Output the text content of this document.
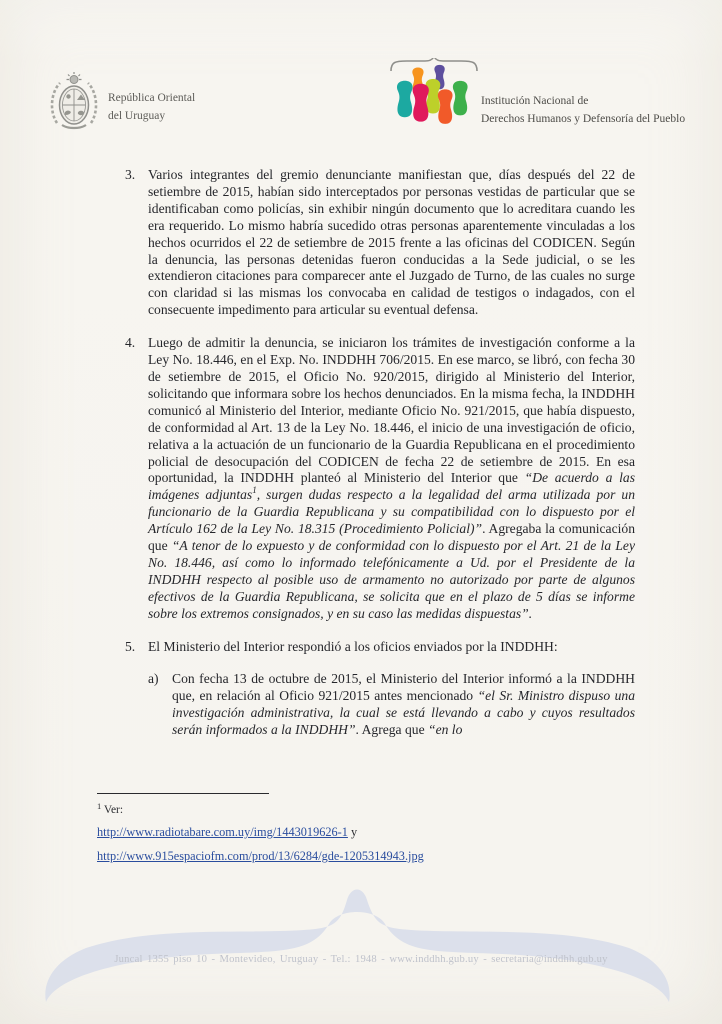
República Oriental
del Uruguay
Institución Nacional de
Derechos Humanos y Defensoría del Pueblo
3. Varios integrantes del gremio denunciante manifiestan que, días después del 22 de setiembre de 2015, habían sido interceptados por personas vestidas de particular que se identificaban como policías, sin exhibir ningún documento que lo acreditara cuando les era requerido. Lo mismo habría sucedido otras personas aparentemente vinculadas a los hechos ocurridos el 22 de setiembre de 2015 frente a las oficinas del CODICEN. Según la denuncia, las personas detenidas fueron conducidas a la Sede judicial, o se les extendieron citaciones para comparecer ante el Juzgado de Turno, de las cuales no surge con claridad si las mismas los convocaba en calidad de testigos o indagados, con el consecuente impedimento para articular su eventual defensa.
4. Luego de admitir la denuncia, se iniciaron los trámites de investigación conforme a la Ley No. 18.446, en el Exp. No. INDDHH 706/2015. En ese marco, se libró, con fecha 30 de setiembre de 2015, el Oficio No. 920/2015, dirigido al Ministerio del Interior, solicitando que informara sobre los hechos denunciados. En la misma fecha, la INDDHH comunicó al Ministerio del Interior, mediante Oficio No. 921/2015, que había dispuesto, de conformidad al Art. 13 de la Ley No. 18.446, el inicio de una investigación de oficio, relativa a la actuación de un funcionario de la Guardia Republicana en el procedimiento policial de desocupación del CODICEN de fecha 22 de setiembre de 2015. En esa oportunidad, la INDDHH planteó al Ministerio del Interior que “De acuerdo a las imágenes adjuntas$^1$, surgen dudas respecto a la legalidad del arma utilizada por un funcionario de la Guardia Republicana y su compatibilidad con lo dispuesto por el Artículo 162 de la Ley No. 18.315 (Procedimiento Policial)”. Agregaba la comunicación que “A tenor de lo expuesto y de conformidad con lo dispuesto por el Art. 21 de la Ley No. 18.446, así como lo informado telefónicamente a Ud. por el Presidente de la INDDHH respecto al posible uso de armamento no autorizado por parte de algunos efectivos de la Guardia Republicana, se solicita que en el plazo de 5 días se informe sobre los extremos consignados, y en su caso las medidas dispuestas”.
5. El Ministerio del Interior respondió a los oficios enviados por la INDDHH:
a) Con fecha 13 de octubre de 2015, el Ministerio del Interior informó a la INDDHH que, en relación al Oficio 921/2015 antes mencionado “el Sr. Ministro dispuso una investigación administrativa, la cual se está llevando a cabo y cuyos resultados serán informados a la INDDHH”. Agrega que “en lo
$^1$ Ver:
http://www.radiotabare.com.uy/img/1443019626-1 y
http://www.915espaciofm.com/prod/13/6284/gde-1205314943.jpg
Juncal 1355 piso 10 - Montevideo, Uruguay - Tel.: 1948 - www.inddhh.gub.uy - secretaria@inddhh.gub.uy
